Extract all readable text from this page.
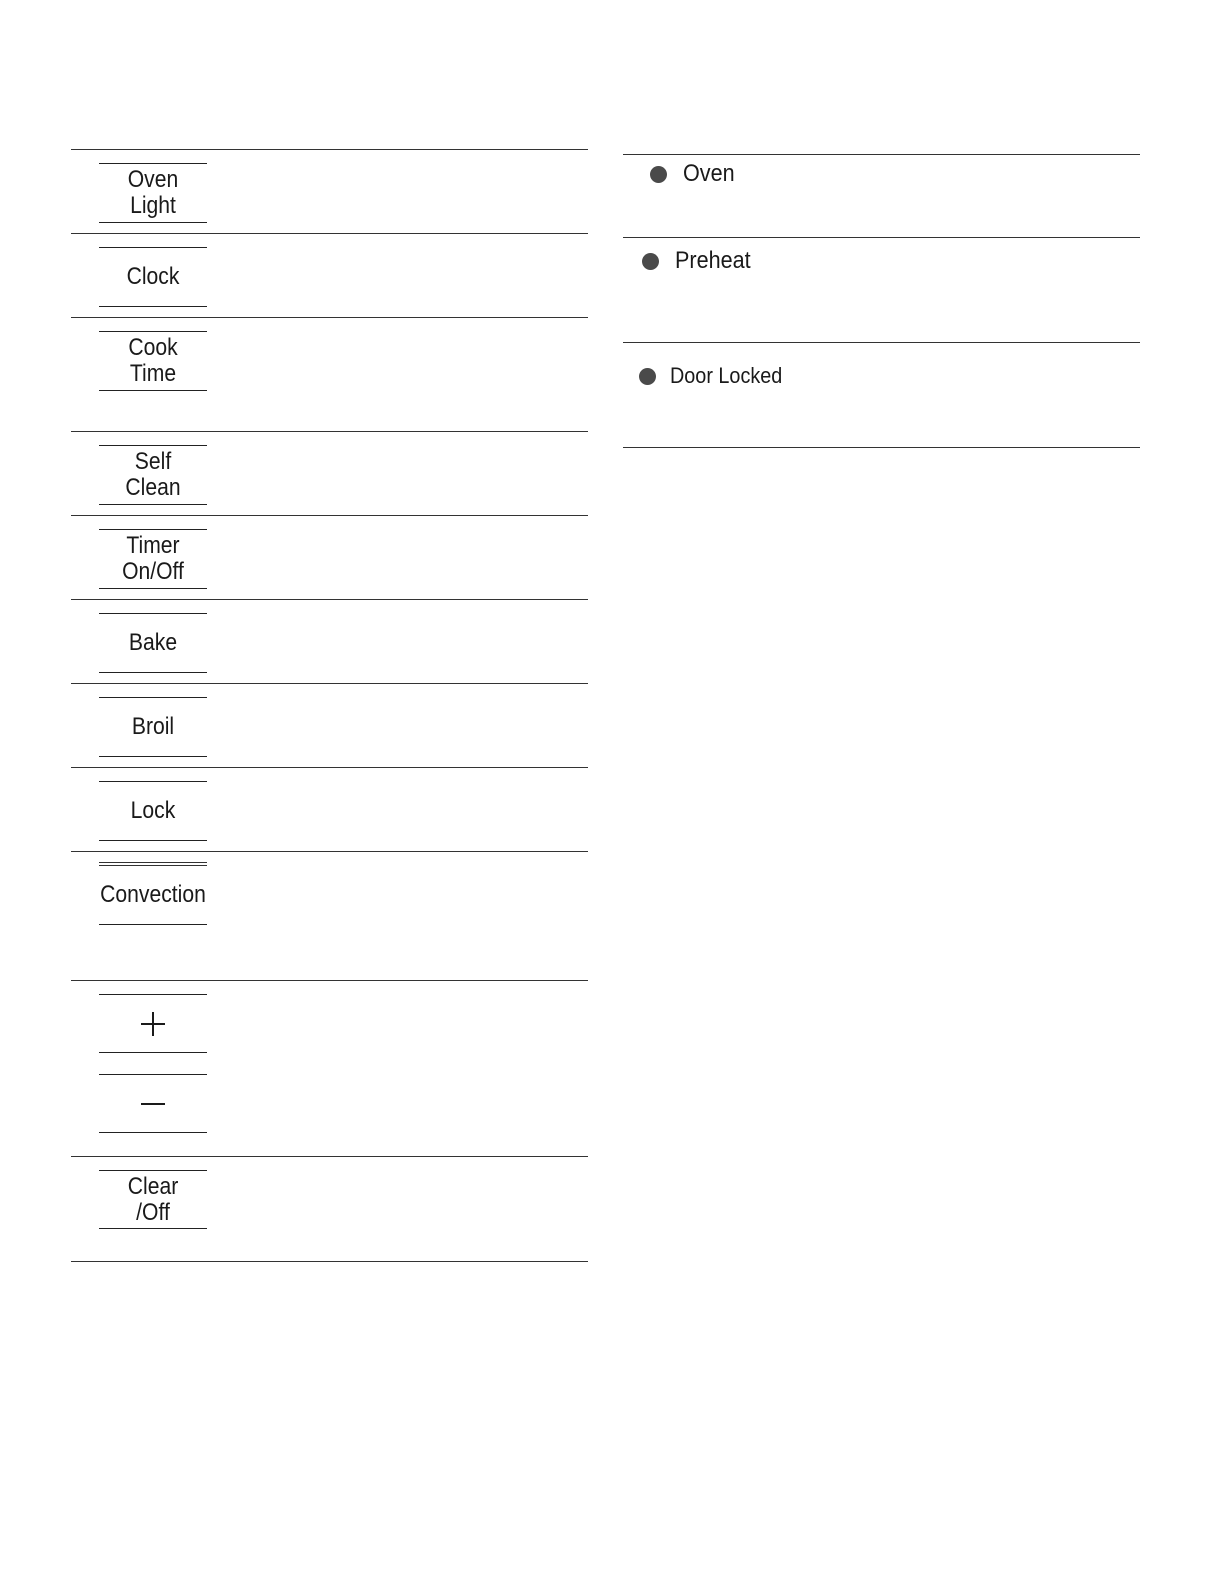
Oven
Light
Clock
Cook
Time
Self
Clean
Timer
On/Off
Bake
Broil
Lock
Convection
Clear
/Off
Oven
Preheat
Door Locked
